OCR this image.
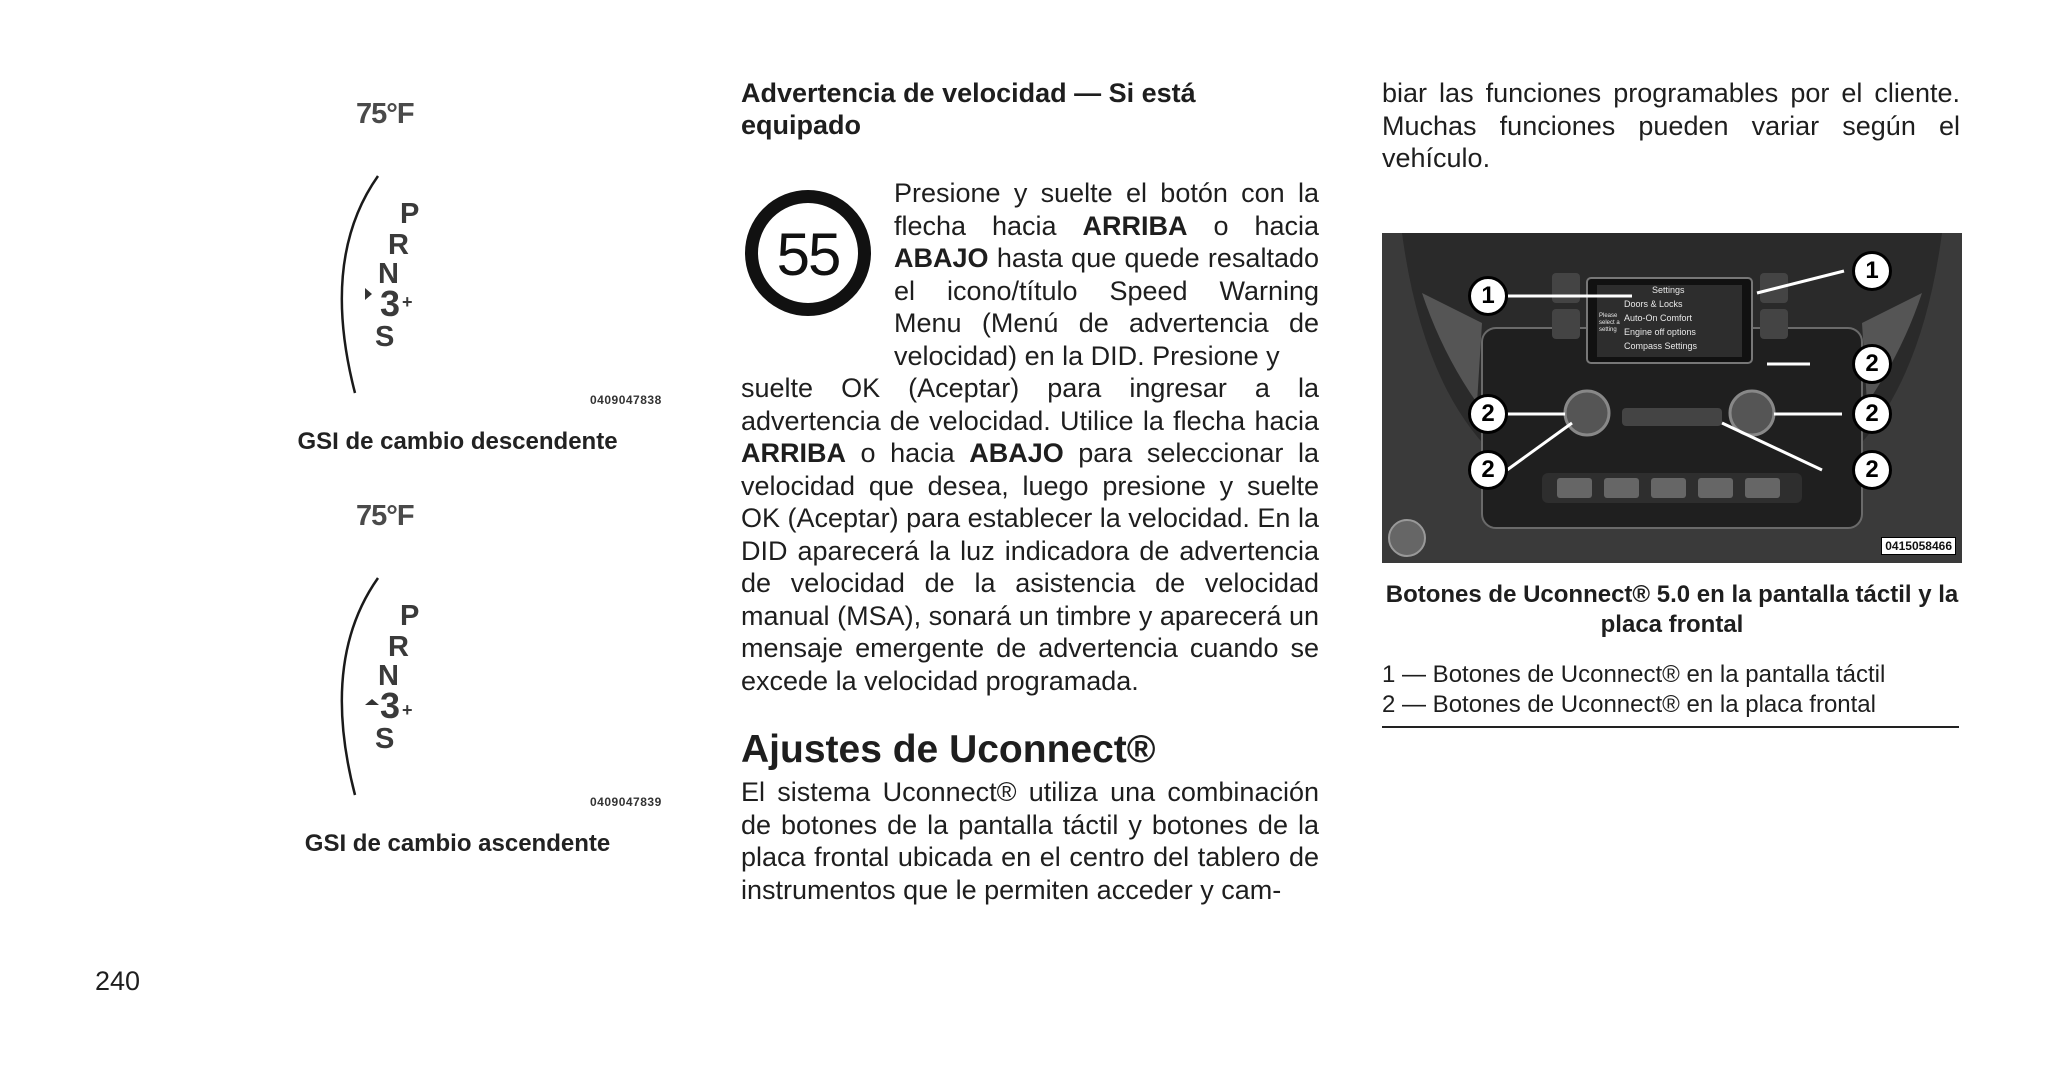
75°F
P
R
N
3 +
S
0409047838
GSI de cambio descendente
75°F
P
R
N
3 +
S
0409047839
GSI de cambio ascendente
Advertencia de velocidad — Si está equipado
55

Presione y suelte el botón con la flecha hacia ARRIBA o hacia ABAJO hasta que quede resaltado el icono/título Speed Warning Menu (Menú de advertencia de velocidad) en la DID. Presione y

suelte OK (Aceptar) para ingresar a la advertencia de velocidad. Utilice la flecha hacia ARRIBA o hacia ABAJO para seleccionar la velocidad que desea, luego presione y suelte OK (Aceptar) para establecer la velocidad. En la DID aparecerá la luz indicadora de advertencia de velocidad de la asistencia de velocidad manual (MSA), sonará un timbre y aparecerá un mensaje emergente de advertencia cuando se excede la velocidad programada.

Ajustes de Uconnect®

El sistema Uconnect® utiliza una combinación de botones de la pantalla táctil y botones de la placa frontal ubicada en el centro del tablero de instrumentos que le permiten acceder y cam-

biar las funciones programables por el cliente. Muchas funciones pueden variar según el vehículo.

Settings
Doors & Locks
Auto-On Comfort
Engine off options
Compass Settings
Please select a setting
1
1
2
2
2
2	2
0415058466
Botones de Uconnect® 5.0 en la pantalla táctil y la placa frontal
1 — Botones de Uconnect® en la pantalla táctil
2 — Botones de Uconnect® en la placa frontal
240
